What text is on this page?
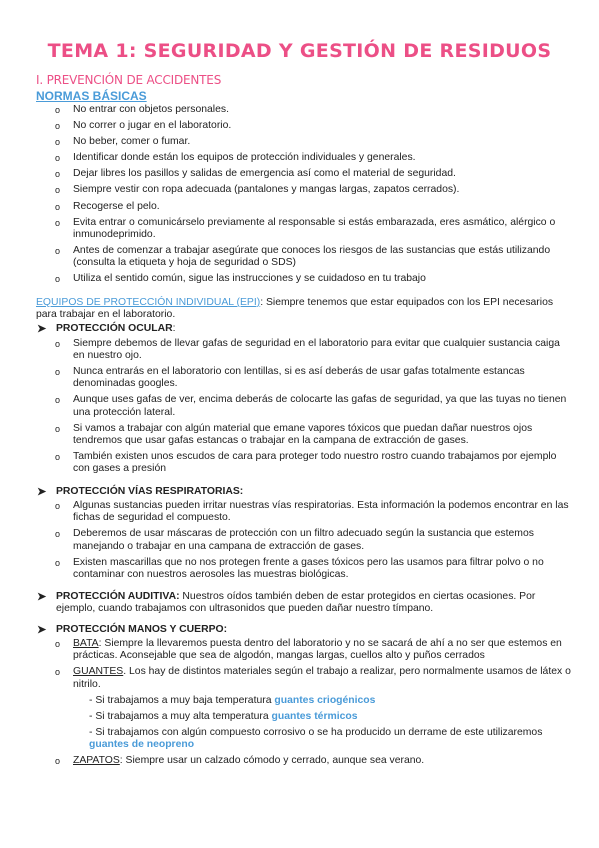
TEMA 1: SEGURIDAD Y GESTIÓN DE RESIDUOS
I. PREVENCIÓN DE ACCIDENTES
NORMAS BÁSICAS
o	No entrar con objetos personales.
o	No correr o jugar en el laboratorio.
o	No beber, comer o fumar.
o	Identificar donde están los equipos de protección individuales y generales.
o	Dejar libres los pasillos y salidas de emergencia así como el material de seguridad.
o	Siempre vestir con ropa adecuada (pantalones y mangas largas, zapatos cerrados).
o	Recogerse el pelo.
o	Evita entrar o comunicárselo previamente al responsable si estás embarazada, eres asmático, alérgico o inmunodeprimido.
o	Antes de comenzar a trabajar asegúrate que conoces los riesgos de las sustancias que estás utilizando (consulta la etiqueta y hoja de seguridad o SDS)
o	Utiliza el sentido común, sigue las instrucciones y se cuidadoso en tu trabajo
EQUIPOS DE PROTECCIÓN INDIVIDUAL (EPI): Siempre tenemos que estar equipados con los EPI necesarios para trabajar en el laboratorio.
➤ PROTECCIÓN OCULAR:
o	Siempre debemos de llevar gafas de seguridad en el laboratorio para evitar que cualquier sustancia caiga en nuestro ojo.
o	Nunca entrarás en el laboratorio con lentillas, si es así deberás de usar gafas totalmente estancas denominadas googles.
o	Aunque uses gafas de ver, encima deberás de colocarte las gafas de seguridad, ya que las tuyas no tienen una protección lateral.
o	Si vamos a trabajar con algún material que emane vapores tóxicos que puedan dañar nuestros ojos tendremos que usar gafas estancas o trabajar en la campana de extracción de gases.
o	También existen unos escudos de cara para proteger todo nuestro rostro cuando trabajamos por ejemplo con gases a presión
➤ PROTECCIÓN VÍAS RESPIRATORIAS:
o	Algunas sustancias pueden irritar nuestras vías respiratorias. Esta información la podemos encontrar en las fichas de seguridad el compuesto.
o	Deberemos de usar máscaras de protección con un filtro adecuado según la sustancia que estemos manejando o trabajar en una campana de extracción de gases.
o	Existen mascarillas que no nos protegen frente a gases tóxicos pero las usamos para filtrar polvo o no contaminar con nuestros aerosoles las muestras biológicas.
➤ PROTECCIÓN AUDITIVA: Nuestros oídos también deben de estar protegidos en ciertas ocasiones. Por ejemplo, cuando trabajamos con ultrasonidos que pueden dañar nuestro tímpano.
➤ PROTECCIÓN MANOS Y CUERPO:
o	BATA: Siempre la llevaremos puesta dentro del laboratorio y no se sacará de ahí a no ser que estemos en prácticas. Aconsejable que sea de algodón, mangas largas, cuellos alto y puños cerrados
o	GUANTES. Los hay de distintos materiales según el trabajo a realizar, pero normalmente usamos de látex o nitrilo.
- Si trabajamos a muy baja temperatura guantes criogénicos
- Si trabajamos a muy alta temperatura guantes térmicos
- Si trabajamos con algún compuesto corrosivo o se ha producido un derrame de este utilizaremos guantes de neopreno
o	ZAPATOS: Siempre usar un calzado cómodo y cerrado, aunque sea verano.
